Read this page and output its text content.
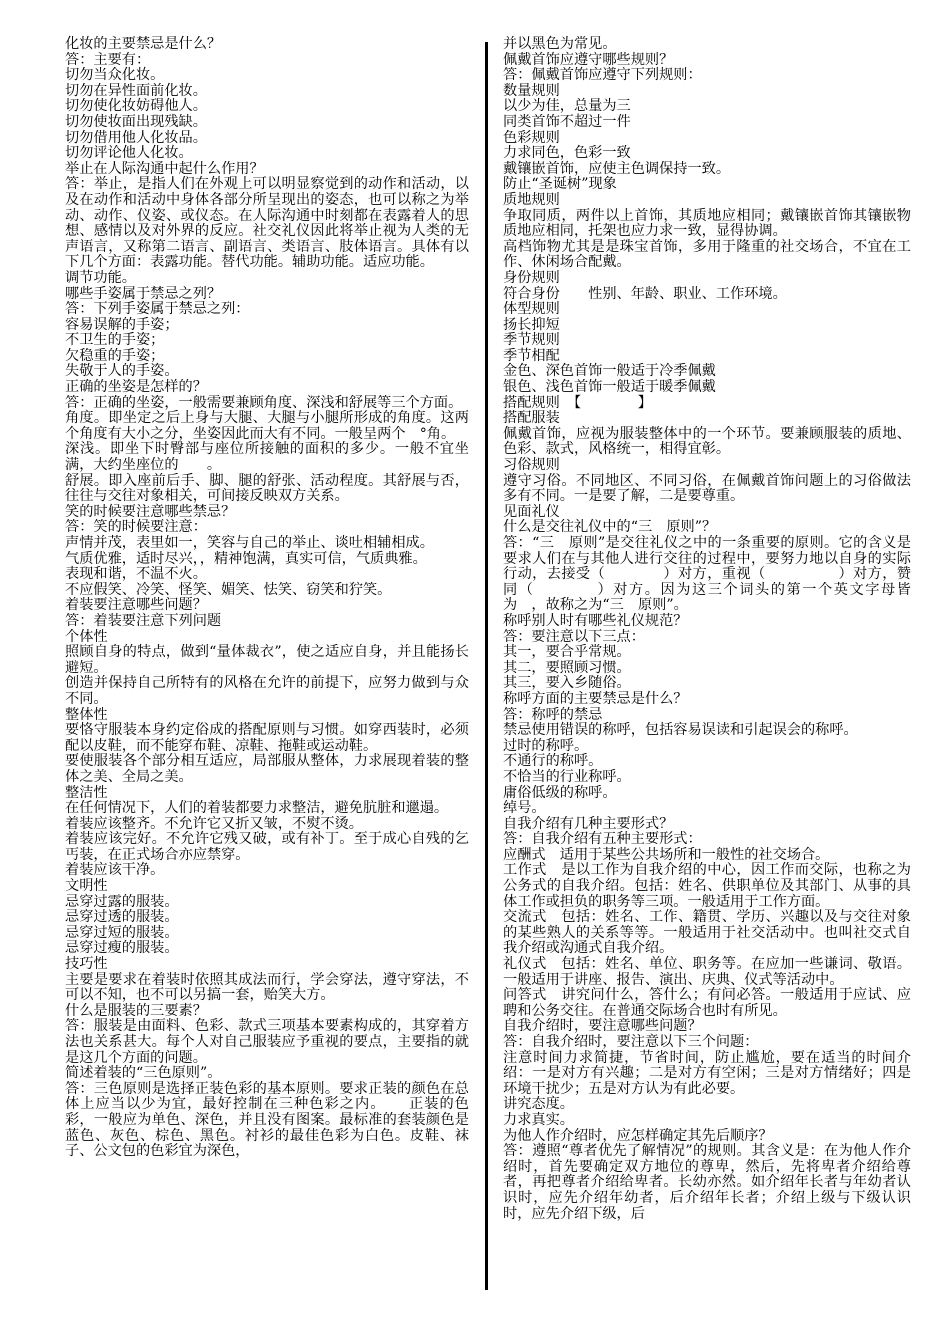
化妆的主要禁忌是什么？

答：主要有：

切勿当众化妆。

切勿在异性面前化妆。

切勿使化妆妨碍他人。

切勿使妆面出现残缺。

切勿借用他人化妆品。

切勿评论他人化妆。

举止在人际沟通中起什么作用？

答：举止，是指人们在外观上可以明显察觉到的动作和活动，以及在动作和活动中身体各部分所呈现出的姿态，也可以称之为举动、动作、仪姿、或仪态。在人际沟通中时刻都在表露着人的思想、感情以及对外界的反应。社交礼仪因此将举止视为人类的无声语言，又称第二语言、副语言、类语言、肢体语言。具体有以下几个方面：表露功能。替代功能。辅助功能。适应功能。

调节功能。

哪些手姿属于禁忌之列？

答：下列手姿属于禁忌之列：

容易误解的手姿；

不卫生的手姿；

欠稳重的手姿；

失敬于人的手姿。

正确的坐姿是怎样的？

答：正确的坐姿，一般需要兼顾角度、深浅和舒展等三个方面。

角度。即坐定之后上身与大腿、大腿与小腿所形成的角度。这两个角度有大小之分，坐姿因此而大有不同。一般呈两个　°角。

深浅。即坐下时臀部与座位所接触的面积的多少。一般不宜坐满，大约坐座位的　　。

舒展。即入座前后手、脚、腿的舒张、活动程度。其舒展与否，往往与交往对象相关，可间接反映双方关系。

笑的时候要注意哪些禁忌？

答：笑的时候要注意：

声情并茂，表里如一，笑容与自己的举止、谈吐相辅相成。

气质优雅，适时尽兴，，精神饱满，真实可信，气质典雅。

表现和谐，不温不火。

不应假笑、冷笑、怪笑、媚笑、怯笑、窃笑和狞笑。

着装要注意哪些问题？

答：着装要注意下列问题

个体性

照顾自身的特点，做到“量体裁衣”，使之适应自身，并且能扬长避短。

创造并保持自己所特有的风格在允许的前提下，应努力做到与众不同。

整体性

要恪守服装本身约定俗成的搭配原则与习惯。如穿西装时，必须配以皮鞋，而不能穿布鞋、凉鞋、拖鞋或运动鞋。

要使服装各个部分相互适应，局部服从整体，力求展现着装的整体之美、全局之美。

整洁性

在任何情况下，人们的着装都要力求整洁，避免肮脏和邋遢。

着装应该整齐。不允许它又折又皱，不熨不烫。

着装应该完好。不允许它残又破，或有补丁。至于成心自残的乞丐装，在正式场合亦应禁穿。

着装应该干净。

文明性

忌穿过露的服装。

忌穿过透的服装。

忌穿过短的服装。

忌穿过瘦的服装。

技巧性

主要是要求在着装时依照其成法而行，学会穿法，遵守穿法，不可以不知，也不可以另搞一套，贻笑大方。

什么是服装的三要素？

答：服装是由面料、色彩、款式三项基本要素构成的，其穿着方法也关系甚大。每个人对自己服装应予重视的要点，主要指的就是这几个方面的问题。

简述着装的“三色原则”。

答：三色原则是选择正装色彩的基本原则。要求正装的颜色在总体上应当以少为宜，最好控制在三种色彩之内。　　正装的色彩，一般应为单色、深色，并且没有图案。最标准的套装颜色是蓝色、灰色、棕色、黑色。衬衫的最佳色彩为白色。皮鞋、袜子、公文包的色彩宜为深色，

并以黑色为常见。

佩戴首饰应遵守哪些规则？

答：佩戴首饰应遵守下列规则：

数量规则

以少为佳，总量为三

同类首饰不超过一件

色彩规则

力求同色，色彩一致

戴镶嵌首饰，应使主色调保持一致。

防止“圣诞树”现象

质地规则

争取同质，两件以上首饰，其质地应相同；戴镶嵌首饰其镶嵌物质地应相同，托架也应力求一致，显得协调。

高档饰物尤其是是珠宝首饰，多用于隆重的社交场合，不宜在工作、休闲场合配戴。

身份规则

符合身份　　性别、年龄、职业、工作环境。

体型规则

扬长抑短

季节规则

季节相配

金色、深色首饰一般适于冷季佩戴

银色、浅色首饰一般适于暖季佩戴

搭配规则　【　　　　】

搭配服装

佩戴首饰，应视为服装整体中的一个环节。要兼顾服装的质地、色彩、款式，风格统一，相得宜彰。

习俗规则

遵守习俗。不同地区、不同习俗，在佩戴首饰问题上的习俗做法多有不同。一是要了解，二是要尊重。

见面礼仪

什么是交往礼仪中的“三　原则”？

答：“三　原则”是交往礼仪之中的一条重要的原则。它的含义是要求人们在与其他人进行交往的过程中，要努力地以自身的实际行动，去接受（　　　　）对方，重视（　　　　　）对方，赞同（　　　　）对方。因为这三个词头的第一个英文字母皆为　，故称之为“三　原则”。

称呼别人时有哪些礼仪规范？

答：要注意以下三点：

其一，要合乎常规。

其二，要照顾习惯。

其三，要入乡随俗。

称呼方面的主要禁忌是什么？

答：称呼的禁忌

禁忌使用错误的称呼，包括容易误读和引起误会的称呼。

过时的称呼。

不通行的称呼。

不恰当的行业称呼。

庸俗低级的称呼。

绰号。

自我介绍有几种主要形式？

答：自我介绍有五种主要形式：

应酬式　适用于某些公共场所和一般性的社交场合。

工作式　是以工作为自我介绍的中心，因工作而交际，也称之为公务式的自我介绍。包括：姓名、供职单位及其部门、从事的具体工作或担负的职务等三项。一般适用于工作方面。

交流式　包括：姓名、工作、籍贯、学历、兴趣以及与交往对象的某些熟人的关系等等。一般适用于社交活动中。也叫社交式自我介绍或沟通式自我介绍。

礼仪式　包括：姓名、单位、职务等。在应加一些谦词、敬语。一般适用于讲座、报告、演出、庆典、仪式等活动中。

问答式　讲究问什么，答什么；有问必答。一般适用于应试、应聘和公务交往。在普通交际场合也时有所见。

自我介绍时，要注意哪些问题？

答：自我介绍时，要注意以下三个问题：

注意时间力求简捷，节省时间，防止尴尬，要在适当的时间介绍：一是对方有兴趣；二是对方有空闲；三是对方情绪好；四是环境干扰少；五是对方认为有此必要。

讲究态度。

力求真实。

为他人作介绍时，应怎样确定其先后顺序？

答：遵照“尊者优先了解情况”的规则。其含义是：在为他人作介绍时，首先要确定双方地位的尊卑，然后，先将卑者介绍给尊者，再把尊者介绍给卑者。长幼亦然。如介绍年长者与年幼者认识时，应先介绍年幼者，后介绍年长者；介绍上级与下级认识时，应先介绍下级，后
